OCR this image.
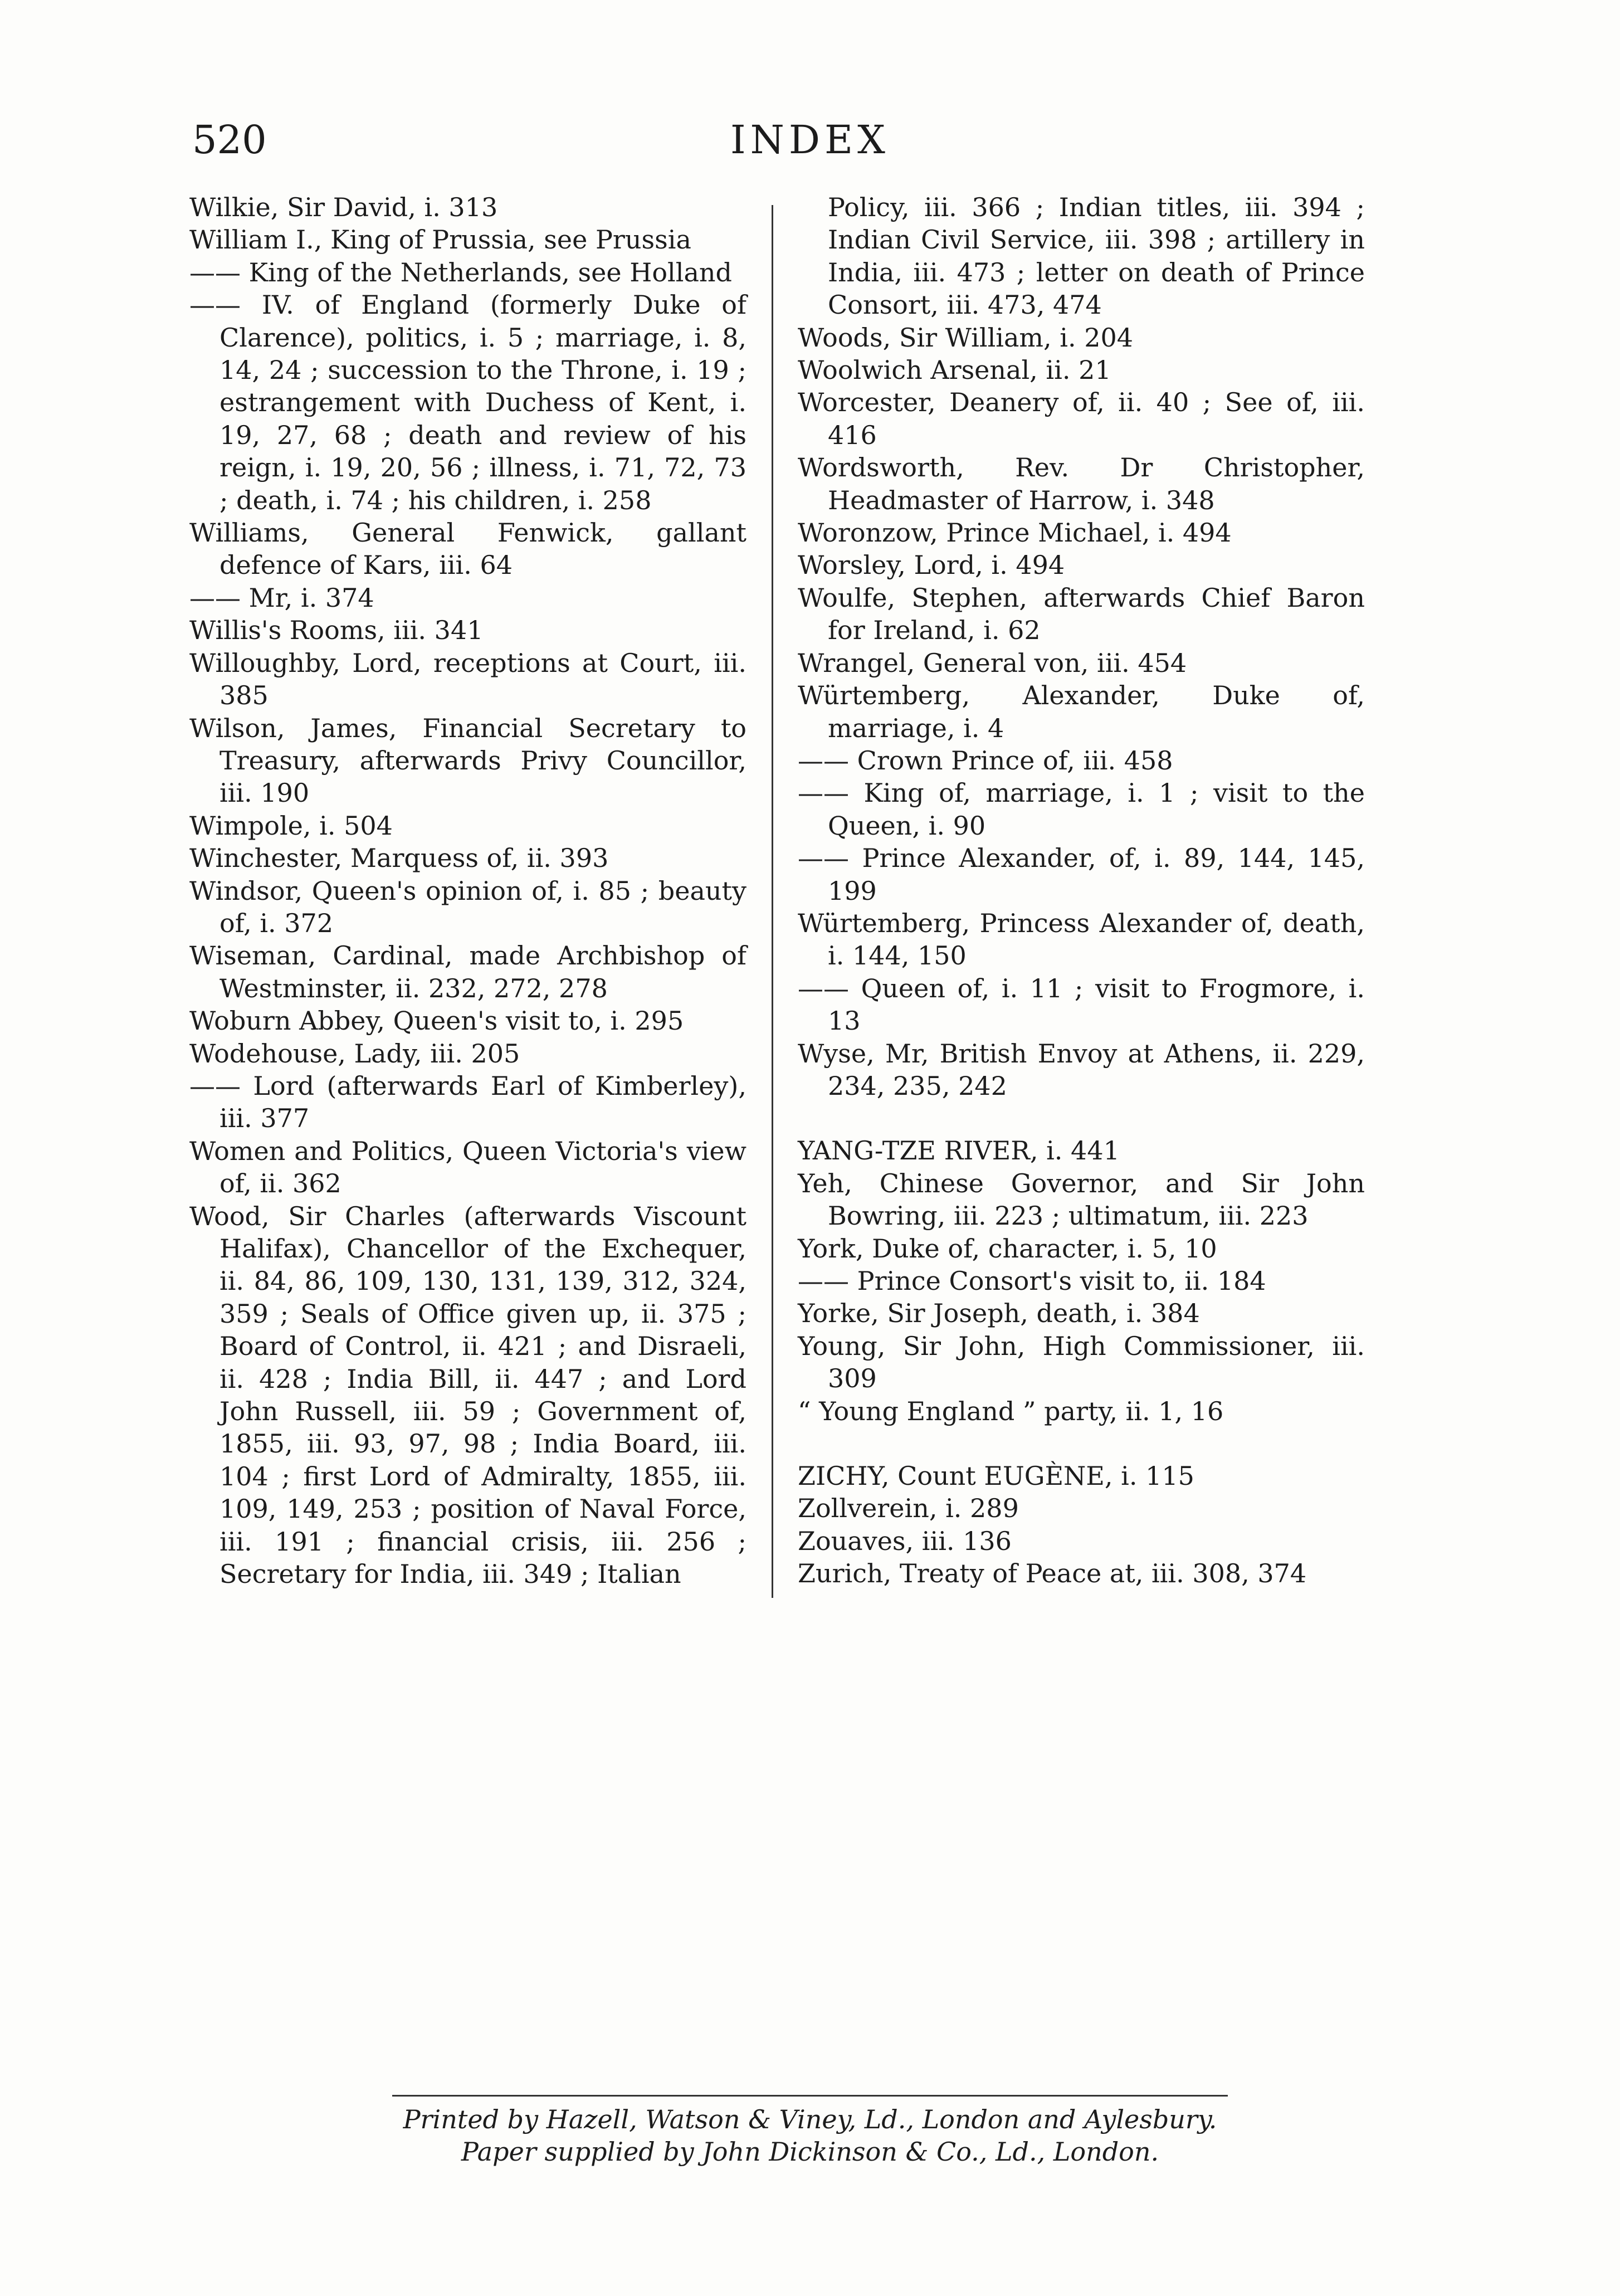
520	INDEX
Wilkie, Sir David, i. 313
William I., King of Prussia, see Prussia
—— King of the Netherlands, see Holland
—— IV. of England (formerly Duke of Clarence), politics, i. 5 ; marriage, i. 8, 14, 24 ; succession to the Throne, i. 19 ; estrangement with Duchess of Kent, i. 19, 27, 68 ; death and review of his reign, i. 19, 20, 56 ; illness, i. 71, 72, 73 ; death, i. 74 ; his children, i. 258
Williams, General Fenwick, gallant defence of Kars, iii. 64
—— Mr, i. 374
Willis's Rooms, iii. 341
Willoughby, Lord, receptions at Court, iii. 385
Wilson, James, Financial Secretary to Treasury, afterwards Privy Councillor, iii. 190
Wimpole, i. 504
Winchester, Marquess of, ii. 393
Windsor, Queen's opinion of, i. 85 ; beauty of, i. 372
Wiseman, Cardinal, made Archbishop of Westminster, ii. 232, 272, 278
Woburn Abbey, Queen's visit to, i. 295
Wodehouse, Lady, iii. 205
—— Lord (afterwards Earl of Kimberley), iii. 377
Women and Politics, Queen Victoria's view of, ii. 362
Wood, Sir Charles (afterwards Viscount Halifax), Chancellor of the Exchequer, ii. 84, 86, 109, 130, 131, 139, 312, 324, 359 ; Seals of Office given up, ii. 375 ; Board of Control, ii. 421 ; and Disraeli, ii. 428 ; India Bill, ii. 447 ; and Lord John Russell, iii. 59 ; Government of, 1855, iii. 93, 97, 98 ; India Board, iii. 104 ; first Lord of Admiralty, 1855, iii. 109, 149, 253 ; position of Naval Force, iii. 191 ; financial crisis, iii. 256 ; Secretary for India, iii. 349 ; Italian
Policy, iii. 366 ; Indian titles, iii. 394 ; Indian Civil Service, iii. 398 ; artillery in India, iii. 473 ; letter on death of Prince Consort, iii. 473, 474
Woods, Sir William, i. 204
Woolwich Arsenal, ii. 21
Worcester, Deanery of, ii. 40 ; See of, iii. 416
Wordsworth, Rev. Dr Christopher, Headmaster of Harrow, i. 348
Woronzow, Prince Michael, i. 494
Worsley, Lord, i. 494
Woulfe, Stephen, afterwards Chief Baron for Ireland, i. 62
Wrangel, General von, iii. 454
Würtemberg, Alexander, Duke of, marriage, i. 4
—— Crown Prince of, iii. 458
—— King of, marriage, i. 1 ; visit to the Queen, i. 90
—— Prince Alexander, of, i. 89, 144, 145, 199
Würtemberg, Princess Alexander of, death, i. 144, 150
—— Queen of, i. 11 ; visit to Frogmore, i. 13
Wyse, Mr, British Envoy at Athens, ii. 229, 234, 235, 242
YANG-TZE RIVER, i. 441
Yeh, Chinese Governor, and Sir John Bowring, iii. 223 ; ultimatum, iii. 223
York, Duke of, character, i. 5, 10
—— Prince Consort's visit to, ii. 184
Yorke, Sir Joseph, death, i. 384
Young, Sir John, High Commissioner, iii. 309
“ Young England ” party, ii. 1, 16
ZICHY, Count EUGÈNE, i. 115
Zollverein, i. 289
Zouaves, iii. 136
Zurich, Treaty of Peace at, iii. 308, 374
Printed by Hazell, Watson & Viney, Ld., London and Aylesbury.
Paper supplied by John Dickinson & Co., Ld., London.
